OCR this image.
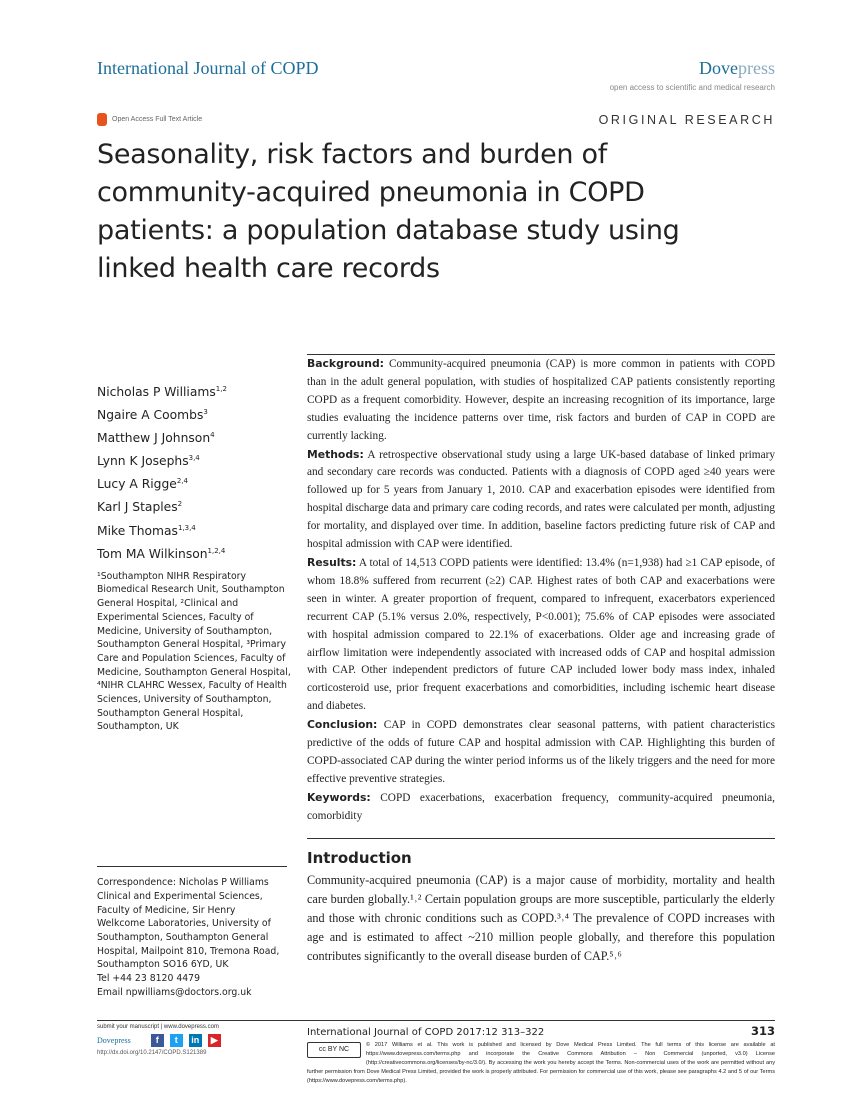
International Journal of COPD	Dovepress
open access to scientific and medical research
Open Access Full Text Article	ORIGINAL RESEARCH
Seasonality, risk factors and burden of community-acquired pneumonia in COPD patients: a population database study using linked health care records
Nicholas P Williams$^{1,2}$
Ngaire A Coombs$^3$
Matthew J Johnson$^4$
Lynn K Josephs$^{3,4}$
Lucy A Rigge$^{2,4}$
Karl J Staples$^2$
Mike Thomas$^{1,3,4}$
Tom MA Wilkinson$^{1,2,4}$
¹Southampton NIHR Respiratory Biomedical Research Unit, Southampton General Hospital, ²Clinical and Experimental Sciences, Faculty of Medicine, University of Southampton, Southampton General Hospital, ³Primary Care and Population Sciences, Faculty of Medicine, Southampton General Hospital, ⁴NIHR CLAHRC Wessex, Faculty of Health Sciences, University of Southampton, Southampton General Hospital, Southampton, UK
Correspondence: Nicholas P Williams
Clinical and Experimental Sciences,
Faculty of Medicine, Sir Henry
Welkcome Laboratories, University of
Southampton, Southampton General
Hospital, Mailpoint 810, Tremona Road,
Southampton SO16 6YD, UK
Tel +44 23 8120 4479
Email npwilliams@doctors.org.uk

Background: Community-acquired pneumonia (CAP) is more common in patients with COPD than in the adult general population, with studies of hospitalized CAP patients consistently reporting COPD as a frequent comorbidity. However, despite an increasing recognition of its importance, large studies evaluating the incidence patterns over time, risk factors and burden of CAP in COPD are currently lacking.

Methods: A retrospective observational study using a large UK-based database of linked primary and secondary care records was conducted. Patients with a diagnosis of COPD aged ≥40 years were followed up for 5 years from January 1, 2010. CAP and exacerbation episodes were identified from hospital discharge data and primary care coding records, and rates were calculated per month, adjusting for mortality, and displayed over time. In addition, baseline factors predicting future risk of CAP and hospital admission with CAP were identified.

Results: A total of 14,513 COPD patients were identified: 13.4% (n=1,938) had ≥1 CAP episode, of whom 18.8% suffered from recurrent (≥2) CAP. Highest rates of both CAP and exacerbations were seen in winter. A greater proportion of frequent, compared to infrequent, exacerbators experienced recurrent CAP (5.1% versus 2.0%, respectively, P<0.001); 75.6% of CAP episodes were associated with hospital admission compared to 22.1% of exacerbations. Older age and increasing grade of airflow limitation were independently associated with increased odds of CAP and hospital admission with CAP. Other independent predictors of future CAP included lower body mass index, inhaled corticosteroid use, prior frequent exacerbations and comorbidities, including ischemic heart disease and diabetes.

Conclusion: CAP in COPD demonstrates clear seasonal patterns, with patient characteristics predictive of the odds of future CAP and hospital admission with CAP. Highlighting this burden of COPD-associated CAP during the winter period informs us of the likely triggers and the need for more effective preventive strategies.

Keywords: COPD exacerbations, exacerbation frequency, community-acquired pneumonia, comorbidity

Introduction

Community-acquired pneumonia (CAP) is a major cause of morbidity, mortality and health care burden globally.¹˒² Certain population groups are more susceptible, particularly the elderly and those with chronic conditions such as COPD.³˒⁴ The prevalence of COPD increases with age and is estimated to affect ~210 million people globally, and therefore this population contributes significantly to the overall disease burden of CAP.⁵˒⁶

submit your manuscript | www.dovepress.com
Dovepress	f	t	in	▶
http://dx.doi.org/10.2147/COPD.S121389
International Journal of COPD 2017:12 313–322	313
cc BY NC
© 2017 Williams et al. This work is published and licensed by Dove Medical Press Limited. The full terms of this license are available at https://www.dovepress.com/terms.php and incorporate the Creative Commons Attribution – Non Commercial (unported, v3.0) License (http://creativecommons.org/licenses/by-nc/3.0/). By accessing the work you hereby accept the Terms. Non-commercial uses of the work are permitted without any further permission from Dove Medical Press Limited, provided the work is properly attributed. For permission for commercial use of this work, please see paragraphs 4.2 and 5 of our Terms (https://www.dovepress.com/terms.php).
